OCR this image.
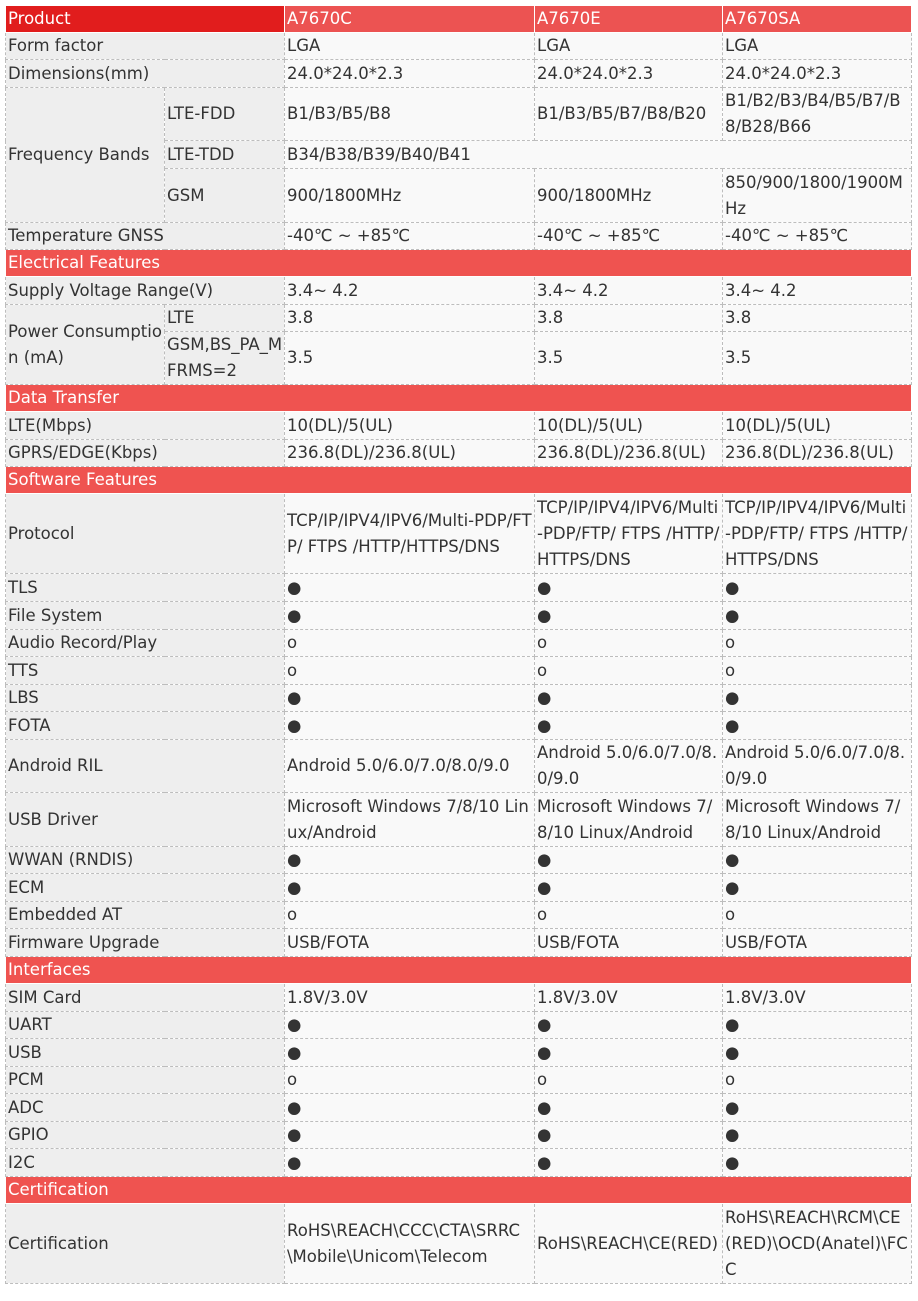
Product		A7670C	A7670E	A7670SA
Form factor		LGA	LGA	LGA
Dimensions(mm)		24.0*24.0*2.3	24.0*24.0*2.3	24.0*24.0*2.3
Frequency Bands	LTE-FDD	B1/B3/B5/B8	B1/B3/B5/B7/B8/B20	B1/B2/B3/B4/B5/B7/B8/B28/B66
	LTE-TDD	B34/B38/B39/B40/B41		
	GSM	900/1800MHz	900/1800MHz	850/900/1800/1900MHz
Temperature GNSS		-40℃ ~ +85℃	-40℃ ~ +85℃	-40℃ ~ +85℃
Electrical Features				
Supply Voltage Range(V)		3.4~ 4.2	3.4~ 4.2	3.4~ 4.2
Power Consumption (mA)	LTE	3.8	3.8	3.8
	GSM,BS_PA_MFRMS=2	3.5	3.5	3.5
Data Transfer				
LTE(Mbps)		10(DL)/5(UL)	10(DL)/5(UL)	10(DL)/5(UL)
GPRS/EDGE(Kbps)		236.8(DL)/236.8(UL)	236.8(DL)/236.8(UL)	236.8(DL)/236.8(UL)
Software Features				
Protocol		TCP/IP/IPV4/IPV6/Multi-PDP/FTP/ FTPS /HTTP/HTTPS/DNS	TCP/IP/IPV4/IPV6/Multi-PDP/FTP/ FTPS /HTTP/HTTPS/DNS	TCP/IP/IPV4/IPV6/Multi-PDP/FTP/ FTPS /HTTP/HTTPS/DNS
TLS		●	●	●
File System		●	●	●
Audio Record/Play		o	o	o
TTS		o	o	o
LBS		●	●	●
FOTA		●	●	●
Android RIL		Android 5.0/6.0/7.0/8.0/9.0	Android 5.0/6.0/7.0/8.0/9.0	Android 5.0/6.0/7.0/8.0/9.0
USB Driver		Microsoft Windows 7/8/10 Linux/Android	Microsoft Windows 7/8/10 Linux/Android	Microsoft Windows 7/8/10 Linux/Android
WWAN (RNDIS)		●	●	●
ECM		●	●	●
Embedded AT		o	o	o
Firmware Upgrade		USB/FOTA	USB/FOTA	USB/FOTA
Interfaces				
SIM Card		1.8V/3.0V	1.8V/3.0V	1.8V/3.0V
UART		●	●	●
USB		●	●	●
PCM		o	o	o
ADC		●	●	●
GPIO		●	●	●
I2C		●	●	●
Certification				
Certification		RoHS\REACH\CCC\CTA\SRRC\Mobile\Unicom\Telecom	RoHS\REACH\CE(RED)	RoHS\REACH\RCM\CE(RED)\OCD(Anatel)\FCC
